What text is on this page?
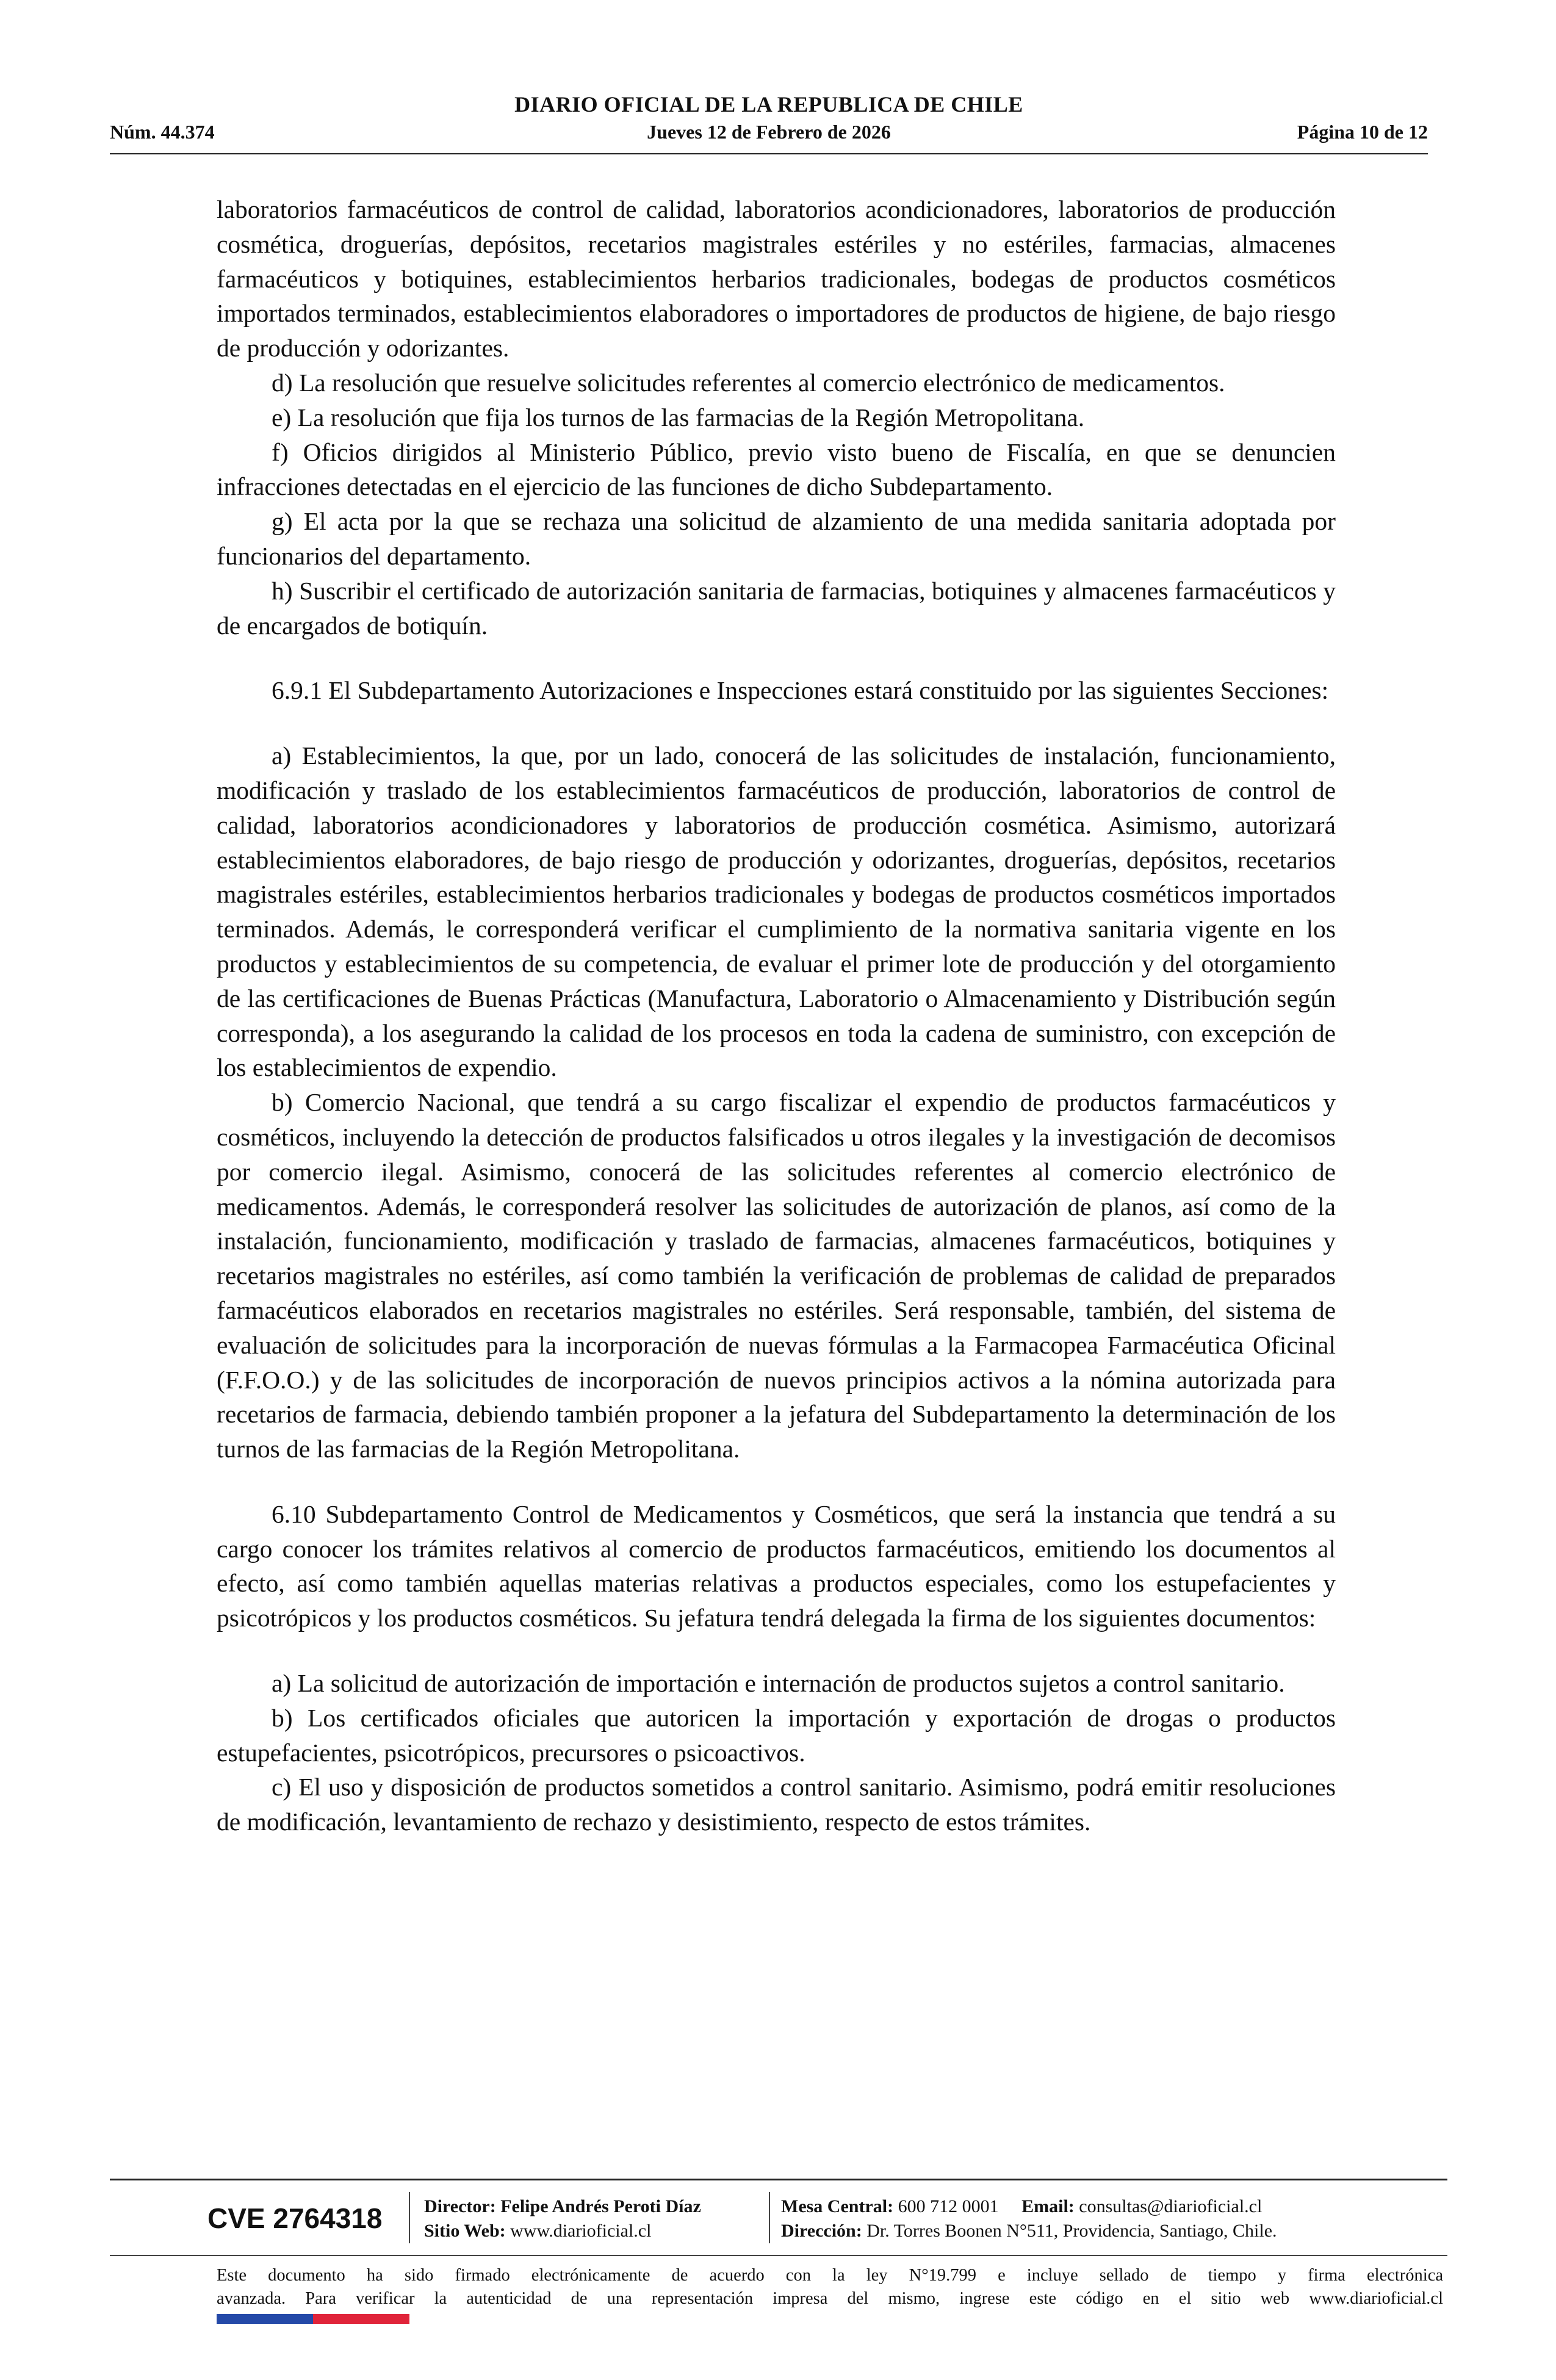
DIARIO OFICIAL DE LA REPUBLICA DE CHILE
Núm. 44.374	Jueves 12 de Febrero de 2026	Página 10 de 12

laboratorios farmacéuticos de control de calidad, laboratorios acondicionadores, laboratorios de producción cosmética, droguerías, depósitos, recetarios magistrales estériles y no estériles, farmacias, almacenes farmacéuticos y botiquines, establecimientos herbarios tradicionales, bodegas de productos cosméticos importados terminados, establecimientos elaboradores o importadores de productos de higiene, de bajo riesgo de producción y odorizantes.

d) La resolución que resuelve solicitudes referentes al comercio electrónico de medicamentos.

e) La resolución que fija los turnos de las farmacias de la Región Metropolitana.

f) Oficios dirigidos al Ministerio Público, previo visto bueno de Fiscalía, en que se denuncien infracciones detectadas en el ejercicio de las funciones de dicho Subdepartamento.

g) El acta por la que se rechaza una solicitud de alzamiento de una medida sanitaria adoptada por funcionarios del departamento.

h) Suscribir el certificado de autorización sanitaria de farmacias, botiquines y almacenes farmacéuticos y de encargados de botiquín.

6.9.1 El Subdepartamento Autorizaciones e Inspecciones estará constituido por las siguientes Secciones:

a) Establecimientos, la que, por un lado, conocerá de las solicitudes de instalación, funcionamiento, modificación y traslado de los establecimientos farmacéuticos de producción, laboratorios de control de calidad, laboratorios acondicionadores y laboratorios de producción cosmética. Asimismo, autorizará establecimientos elaboradores, de bajo riesgo de producción y odorizantes, droguerías, depósitos, recetarios magistrales estériles, establecimientos herbarios tradicionales y bodegas de productos cosméticos importados terminados. Además, le corresponderá verificar el cumplimiento de la normativa sanitaria vigente en los productos y establecimientos de su competencia, de evaluar el primer lote de producción y del otorgamiento de las certificaciones de Buenas Prácticas (Manufactura, Laboratorio o Almacenamiento y Distribución según corresponda), a los asegurando la calidad de los procesos en toda la cadena de suministro, con excepción de los establecimientos de expendio.

b) Comercio Nacional, que tendrá a su cargo fiscalizar el expendio de productos farmacéuticos y cosméticos, incluyendo la detección de productos falsificados u otros ilegales y la investigación de decomisos por comercio ilegal. Asimismo, conocerá de las solicitudes referentes al comercio electrónico de medicamentos. Además, le corresponderá resolver las solicitudes de autorización de planos, así como de la instalación, funcionamiento, modificación y traslado de farmacias, almacenes farmacéuticos, botiquines y recetarios magistrales no estériles, así como también la verificación de problemas de calidad de preparados farmacéuticos elaborados en recetarios magistrales no estériles. Será responsable, también, del sistema de evaluación de solicitudes para la incorporación de nuevas fórmulas a la Farmacopea Farmacéutica Oficinal (F.F.O.O.) y de las solicitudes de incorporación de nuevos principios activos a la nómina autorizada para recetarios de farmacia, debiendo también proponer a la jefatura del Subdepartamento la determinación de los turnos de las farmacias de la Región Metropolitana.

6.10 Subdepartamento Control de Medicamentos y Cosméticos, que será la instancia que tendrá a su cargo conocer los trámites relativos al comercio de productos farmacéuticos, emitiendo los documentos al efecto, así como también aquellas materias relativas a productos especiales, como los estupefacientes y psicotrópicos y los productos cosméticos. Su jefatura tendrá delegada la firma de los siguientes documentos:

a) La solicitud de autorización de importación e internación de productos sujetos a control sanitario.

b) Los certificados oficiales que autoricen la importación y exportación de drogas o productos estupefacientes, psicotrópicos, precursores o psicoactivos.

c) El uso y disposición de productos sometidos a control sanitario. Asimismo, podrá emitir resoluciones de modificación, levantamiento de rechazo y desistimiento, respecto de estos trámites.

CVE 2764318 Director: Felipe Andrés Peroti Díaz
Sitio Web: www.diarioficial.cl
Mesa Central: 600 712 0001 Email: consultas@diarioficial.cl
Dirección: Dr. Torres Boonen N°511, Providencia, Santiago, Chile.
Este documento ha sido firmado electrónicamente de acuerdo con la ley N°19.799 e incluye sellado de tiempo y firma electrónica
avanzada. Para verificar la autenticidad de una representación impresa del mismo, ingrese este código en el sitio web www.diarioficial.cl
